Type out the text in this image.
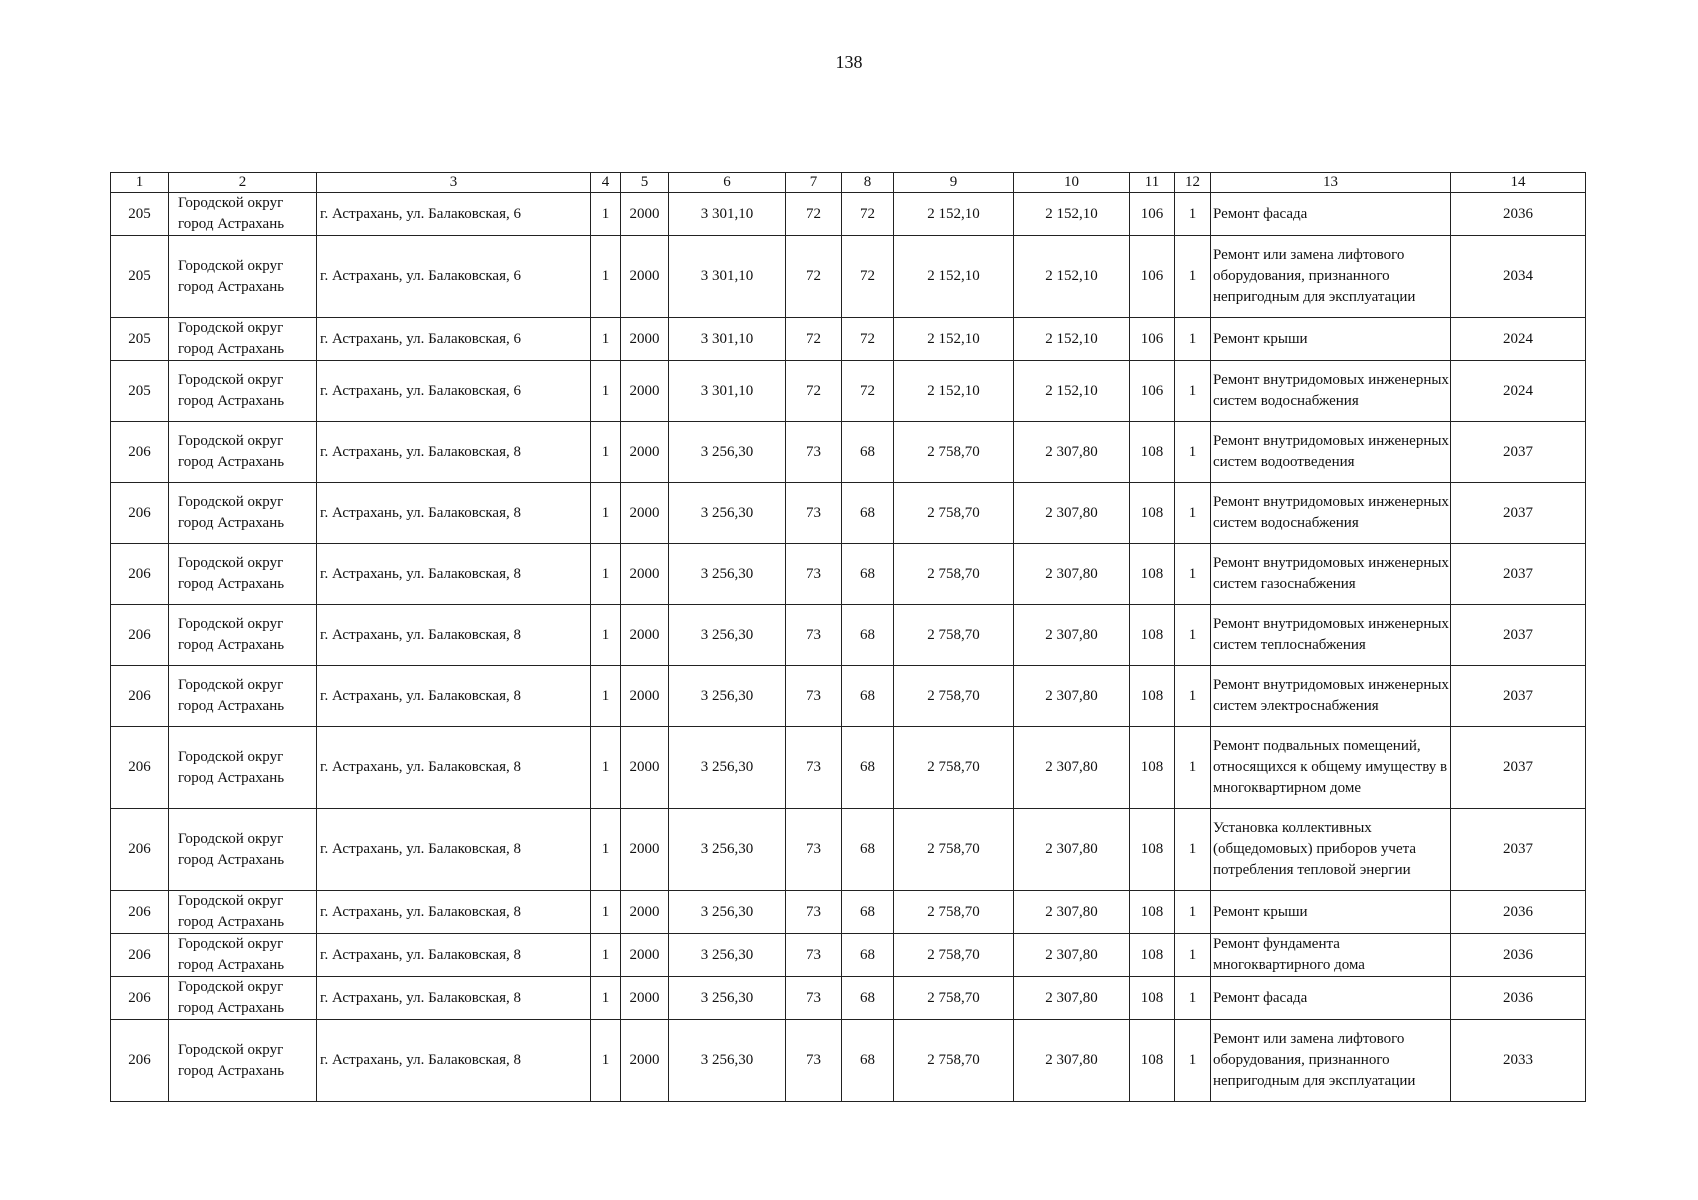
138
1	2	3	4	5	6	7	8	9	10	11	12	13	14
205	Городской округ город Астрахань	г. Астрахань, ул. Балаковская, 6	1	2000	3 301,10	72	72	2 152,10	2 152,10	106	1	Ремонт фасада	2036
205	Городской округ город Астрахань	г. Астрахань, ул. Балаковская, 6	1	2000	3 301,10	72	72	2 152,10	2 152,10	106	1	Ремонт или замена лифтового оборудования, признанного непригодным для эксплуатации	2034
205	Городской округ город Астрахань	г. Астрахань, ул. Балаковская, 6	1	2000	3 301,10	72	72	2 152,10	2 152,10	106	1	Ремонт крыши	2024
205	Городской округ город Астрахань	г. Астрахань, ул. Балаковская, 6	1	2000	3 301,10	72	72	2 152,10	2 152,10	106	1	Ремонт внутридомовых инженерных систем водоснабжения	2024
206	Городской округ город Астрахань	г. Астрахань, ул. Балаковская, 8	1	2000	3 256,30	73	68	2 758,70	2 307,80	108	1	Ремонт внутридомовых инженерных систем водоотведения	2037
206	Городской округ город Астрахань	г. Астрахань, ул. Балаковская, 8	1	2000	3 256,30	73	68	2 758,70	2 307,80	108	1	Ремонт внутридомовых инженерных систем водоснабжения	2037
206	Городской округ город Астрахань	г. Астрахань, ул. Балаковская, 8	1	2000	3 256,30	73	68	2 758,70	2 307,80	108	1	Ремонт внутридомовых инженерных систем газоснабжения	2037
206	Городской округ город Астрахань	г. Астрахань, ул. Балаковская, 8	1	2000	3 256,30	73	68	2 758,70	2 307,80	108	1	Ремонт внутридомовых инженерных систем теплоснабжения	2037
206	Городской округ город Астрахань	г. Астрахань, ул. Балаковская, 8	1	2000	3 256,30	73	68	2 758,70	2 307,80	108	1	Ремонт внутридомовых инженерных систем электроснабжения	2037
206	Городской округ город Астрахань	г. Астрахань, ул. Балаковская, 8	1	2000	3 256,30	73	68	2 758,70	2 307,80	108	1	Ремонт подвальных помещений, относящихся к общему имуществу в многоквартирном доме	2037
206	Городской округ город Астрахань	г. Астрахань, ул. Балаковская, 8	1	2000	3 256,30	73	68	2 758,70	2 307,80	108	1	Установка коллективных (общедомовых) приборов учета потребления тепловой энергии	2037
206	Городской округ город Астрахань	г. Астрахань, ул. Балаковская, 8	1	2000	3 256,30	73	68	2 758,70	2 307,80	108	1	Ремонт крыши	2036
206	Городской округ город Астрахань	г. Астрахань, ул. Балаковская, 8	1	2000	3 256,30	73	68	2 758,70	2 307,80	108	1	Ремонт фундамента многоквартирного дома	2036
206	Городской округ город Астрахань	г. Астрахань, ул. Балаковская, 8	1	2000	3 256,30	73	68	2 758,70	2 307,80	108	1	Ремонт фасада	2036
206	Городской округ город Астрахань	г. Астрахань, ул. Балаковская, 8	1	2000	3 256,30	73	68	2 758,70	2 307,80	108	1	Ремонт или замена лифтового оборудования, признанного непригодным для эксплуатации	2033
